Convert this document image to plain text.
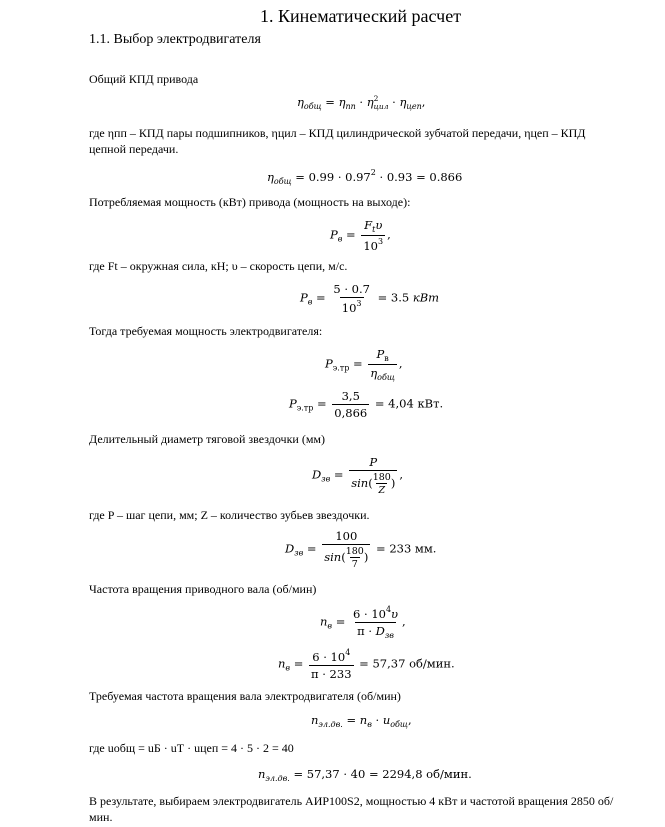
1. Кинематический расчет
1.1. Выбор электродвигателя
Общий КПД привода
$\eta_{общ} = \eta_{пп} \cdot \eta$ 2
цил · $\eta_{цеп}$,
где ηпп – КПД пары подшипников, ηцил – КПД цилиндрической зубчатой передачи, ηцеп – КПД
цепной передачи.
$\eta_{общ} = 0.99 \cdot 0.97^2 \cdot 0.93 = 0.866$
Потребляемая мощность (кВт) привода (мощность на выходе):
$P_в = \frac{F_t\upsilon}{10^3}$ ,
где Ft – окружная сила, кН; υ – скорость цепи, м/с.
$P_в = \frac{5 \cdot 0.7}{10^3} = 3.5$ кВт
Тогда требуемая мощность электродвигателя:
$P_{э.тр} = \frac{P_в}{\eta_{общ}}$ ,
$P_{э.тр} = \frac{3,5}{0,866} = 4,04$ кВт.
Делительный диаметр тяговой звездочки (мм)
$D_{зв} = \frac{P}{\sin( \frac{180}{Z} )}$ ,
где P – шаг цепи, мм; Z – количество зубьев звездочки.
$D_{зв} = \frac{100}{\sin( \frac{180}{7} )} = 233$ мм.
Частота вращения приводного вала (об/мин)
$n_в = \frac{6 \cdot 10^4\upsilon}{\pi \cdot D_{зв}}$ ,
$n_в = \frac{6 \cdot 10^4}{\pi \cdot 233} = 57,37$ об/мин.
Требуемая частота вращения вала электродвигателя (об/мин)
$n_{эл.дв.} = n_в \cdot u_{общ}$,
где uобщ = uБ · uТ · uцеп = 4 · 5 · 2 = 40
$n_{эл.дв.} = 57,37 \cdot 40 = 2294,8$ об/мин.
В результате, выбираем электродвигатель АИР100S2, мощностью 4 кВт и частотой вращения 2850 об/мин.
